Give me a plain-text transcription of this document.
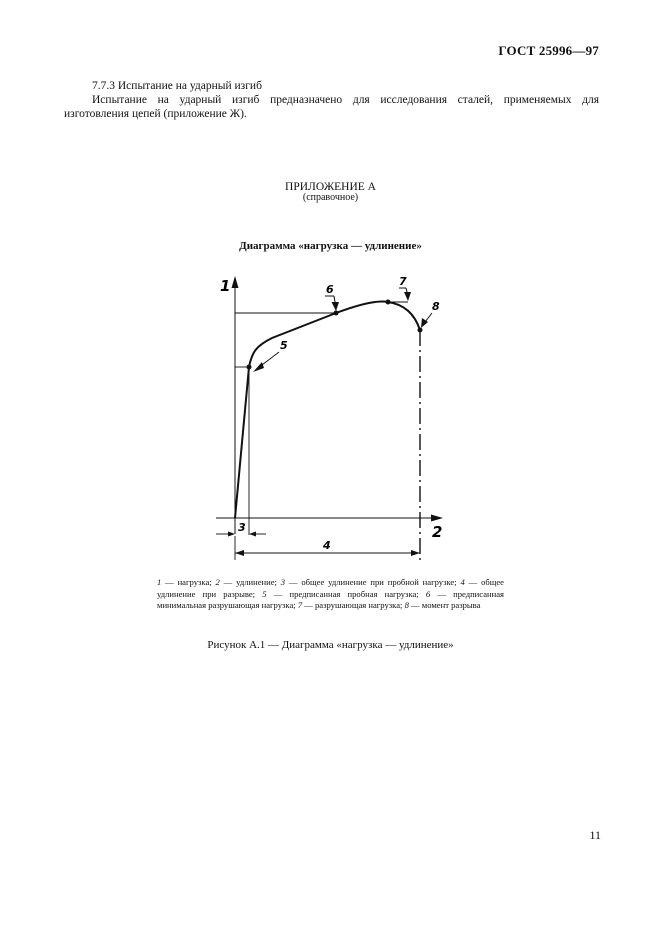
ГОСТ 25996—97
7.7.3 Испытание на ударный изгиб
Испытание на ударный изгиб предназначено для исследования сталей, применяемых для
изготовления цепей (приложение Ж).
ПРИЛОЖЕНИЕ А
(справочное)
Диаграмма «нагрузка — удлинение»
1
2
5
6
7
8
3
4
1 — нагрузка; 2 — удлинение; 3 — общее удлинение при пробной нагрузке; 4 — общее удлинение при разрыве; 5 — предписанная пробная нагрузка; 6 — предписанная минимальная разрушающая нагрузка; 7 — разрушающая нагрузка; 8 — момент разрыва
Рисунок А.1 — Диаграмма «нагрузка — удлинение»
11
